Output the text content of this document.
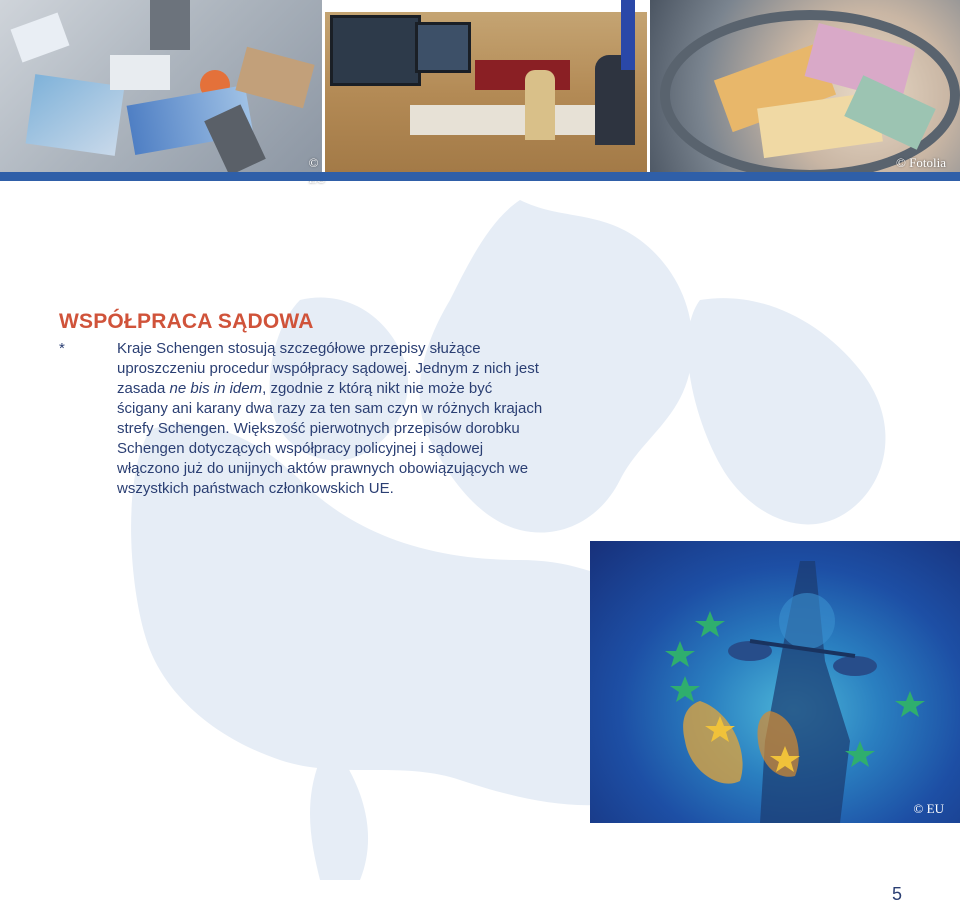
©	© Fotolia
WSPÓŁPRACA SĄDOWA
*	Kraje Schengen stosują szczegółowe przepisy służące uproszczeniu procedur współpracy sądowej. Jednym z nich jest zasada ne bis in idem, zgodnie z którą nikt nie może być ścigany ani karany dwa razy za ten sam czyn w różnych krajach strefy Schengen. Większość pierwotnych przepisów dorobku Schengen dotyczących współpracy policyjnej i sądowej włączono już do unijnych aktów prawnych obowiązujących we wszystkich państwach członkowskich UE.
© EU
5
